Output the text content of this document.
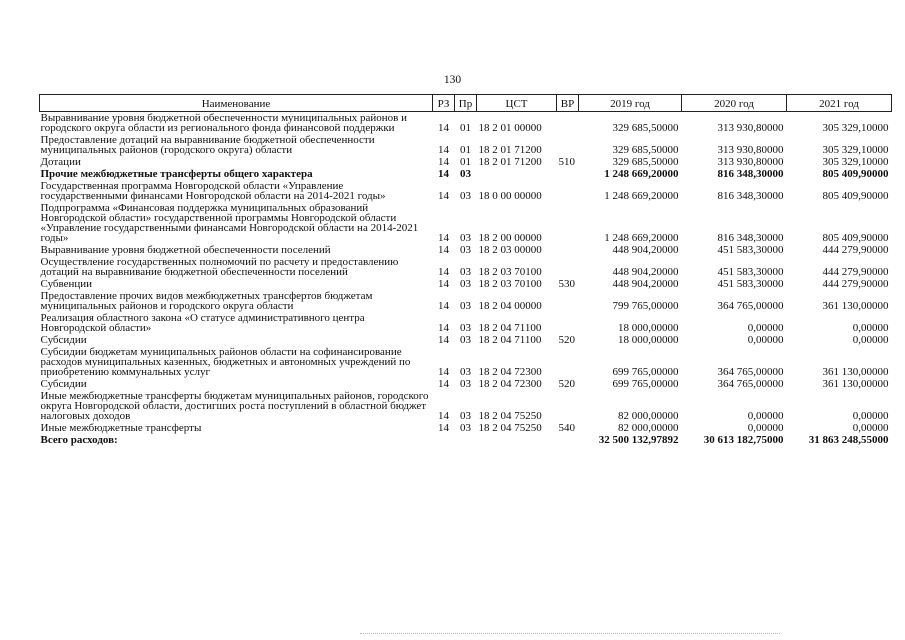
130
Наименование	РЗ	Пр	ЦСТ	ВР	2019 год	2020 год	2021 год
Выравнивание уровня бюджетной обеспеченности муниципальных районов и городского округа области из регионального фонда финансовой поддержки	14	01	18 2 01 00000		329 685,50000	313 930,80000	305 329,10000
Предоставление дотаций на выравнивание бюджетной обеспеченности муниципальных районов (городского округа) области	14	01	18 2 01 71200		329 685,50000	313 930,80000	305 329,10000
Дотации	14	01	18 2 01 71200	510	329 685,50000	313 930,80000	305 329,10000
Прочие межбюджетные трансферты общего характера	14	03			1 248 669,20000	816 348,30000	805 409,90000
Государственная программа Новгородской области «Управление государственными финансами Новгородской области на 2014-2021 годы»	14	03	18 0 00 00000		1 248 669,20000	816 348,30000	805 409,90000
Подпрограмма «Финансовая поддержка муниципальных образований Новгородской области» государственной программы Новгородской области «Управление государственными финансами Новгородской области на 2014-2021 годы»	14	03	18 2 00 00000		1 248 669,20000	816 348,30000	805 409,90000
Выравнивание уровня бюджетной обеспеченности поселений	14	03	18 2 03 00000		448 904,20000	451 583,30000	444 279,90000
Осуществление государственных полномочий по расчету и предоставлению дотаций на выравнивание бюджетной обеспеченности поселений	14	03	18 2 03 70100		448 904,20000	451 583,30000	444 279,90000
Субвенции	14	03	18 2 03 70100	530	448 904,20000	451 583,30000	444 279,90000
Предоставление прочих видов межбюджетных трансфертов бюджетам муниципальных районов и городского округа области	14	03	18 2 04 00000		799 765,00000	364 765,00000	361 130,00000
Реализация областного закона «О статусе административного центра Новгородской области»	14	03	18 2 04 71100		18 000,00000	0,00000	0,00000
Субсидии	14	03	18 2 04 71100	520	18 000,00000	0,00000	0,00000
Субсидии бюджетам муниципальных районов области на софинансирование расходов муниципальных казенных, бюджетных и автономных учреждений по приобретению коммунальных услуг	14	03	18 2 04 72300		699 765,00000	364 765,00000	361 130,00000
Субсидии	14	03	18 2 04 72300	520	699 765,00000	364 765,00000	361 130,00000
Иные межбюджетные трансферты бюджетам муниципальных районов, городского округа Новгородской области, достигших роста поступлений в областной бюджет налоговых доходов	14	03	18 2 04 75250		82 000,00000	0,00000	0,00000
Иные межбюджетные трансферты	14	03	18 2 04 75250	540	82 000,00000	0,00000	0,00000
Всего расходов:					32 500 132,97892	30 613 182,75000	31 863 248,55000
